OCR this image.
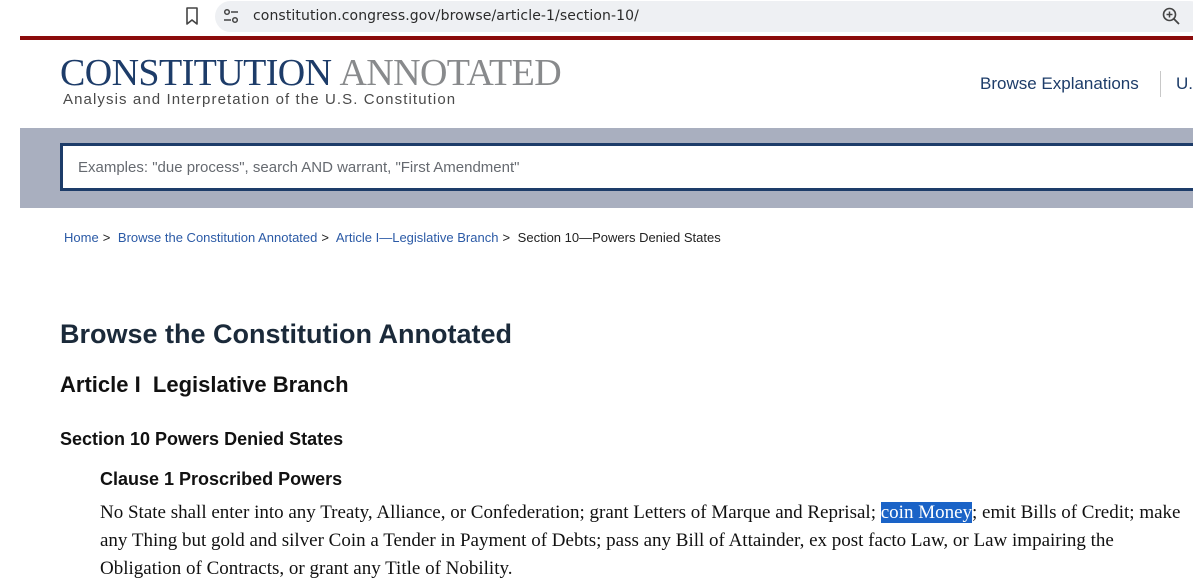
constitution.congress.gov/browse/article-1/section-10/
CONSTITUTION ANNOTATED
Analysis and Interpretation of the U.S. Constitution
Browse Explanations U.
Examples: "due process", search AND warrant, "First Amendment"
Home > Browse the Constitution Annotated > Article I—Legislative Branch > Section 10—Powers Denied States
Browse the Constitution Annotated
Article I  Legislative Branch
Section 10 Powers Denied States
Clause 1 Proscribed Powers

No State shall enter into any Treaty, Alliance, or Confederation; grant Letters of Marque and Reprisal; coin Money; emit Bills of Credit; make any Thing but gold and silver Coin a Tender in Payment of Debts; pass any Bill of Attainder, ex post facto Law, or Law impairing the Obligation of Contracts, or grant any Title of Nobility.
